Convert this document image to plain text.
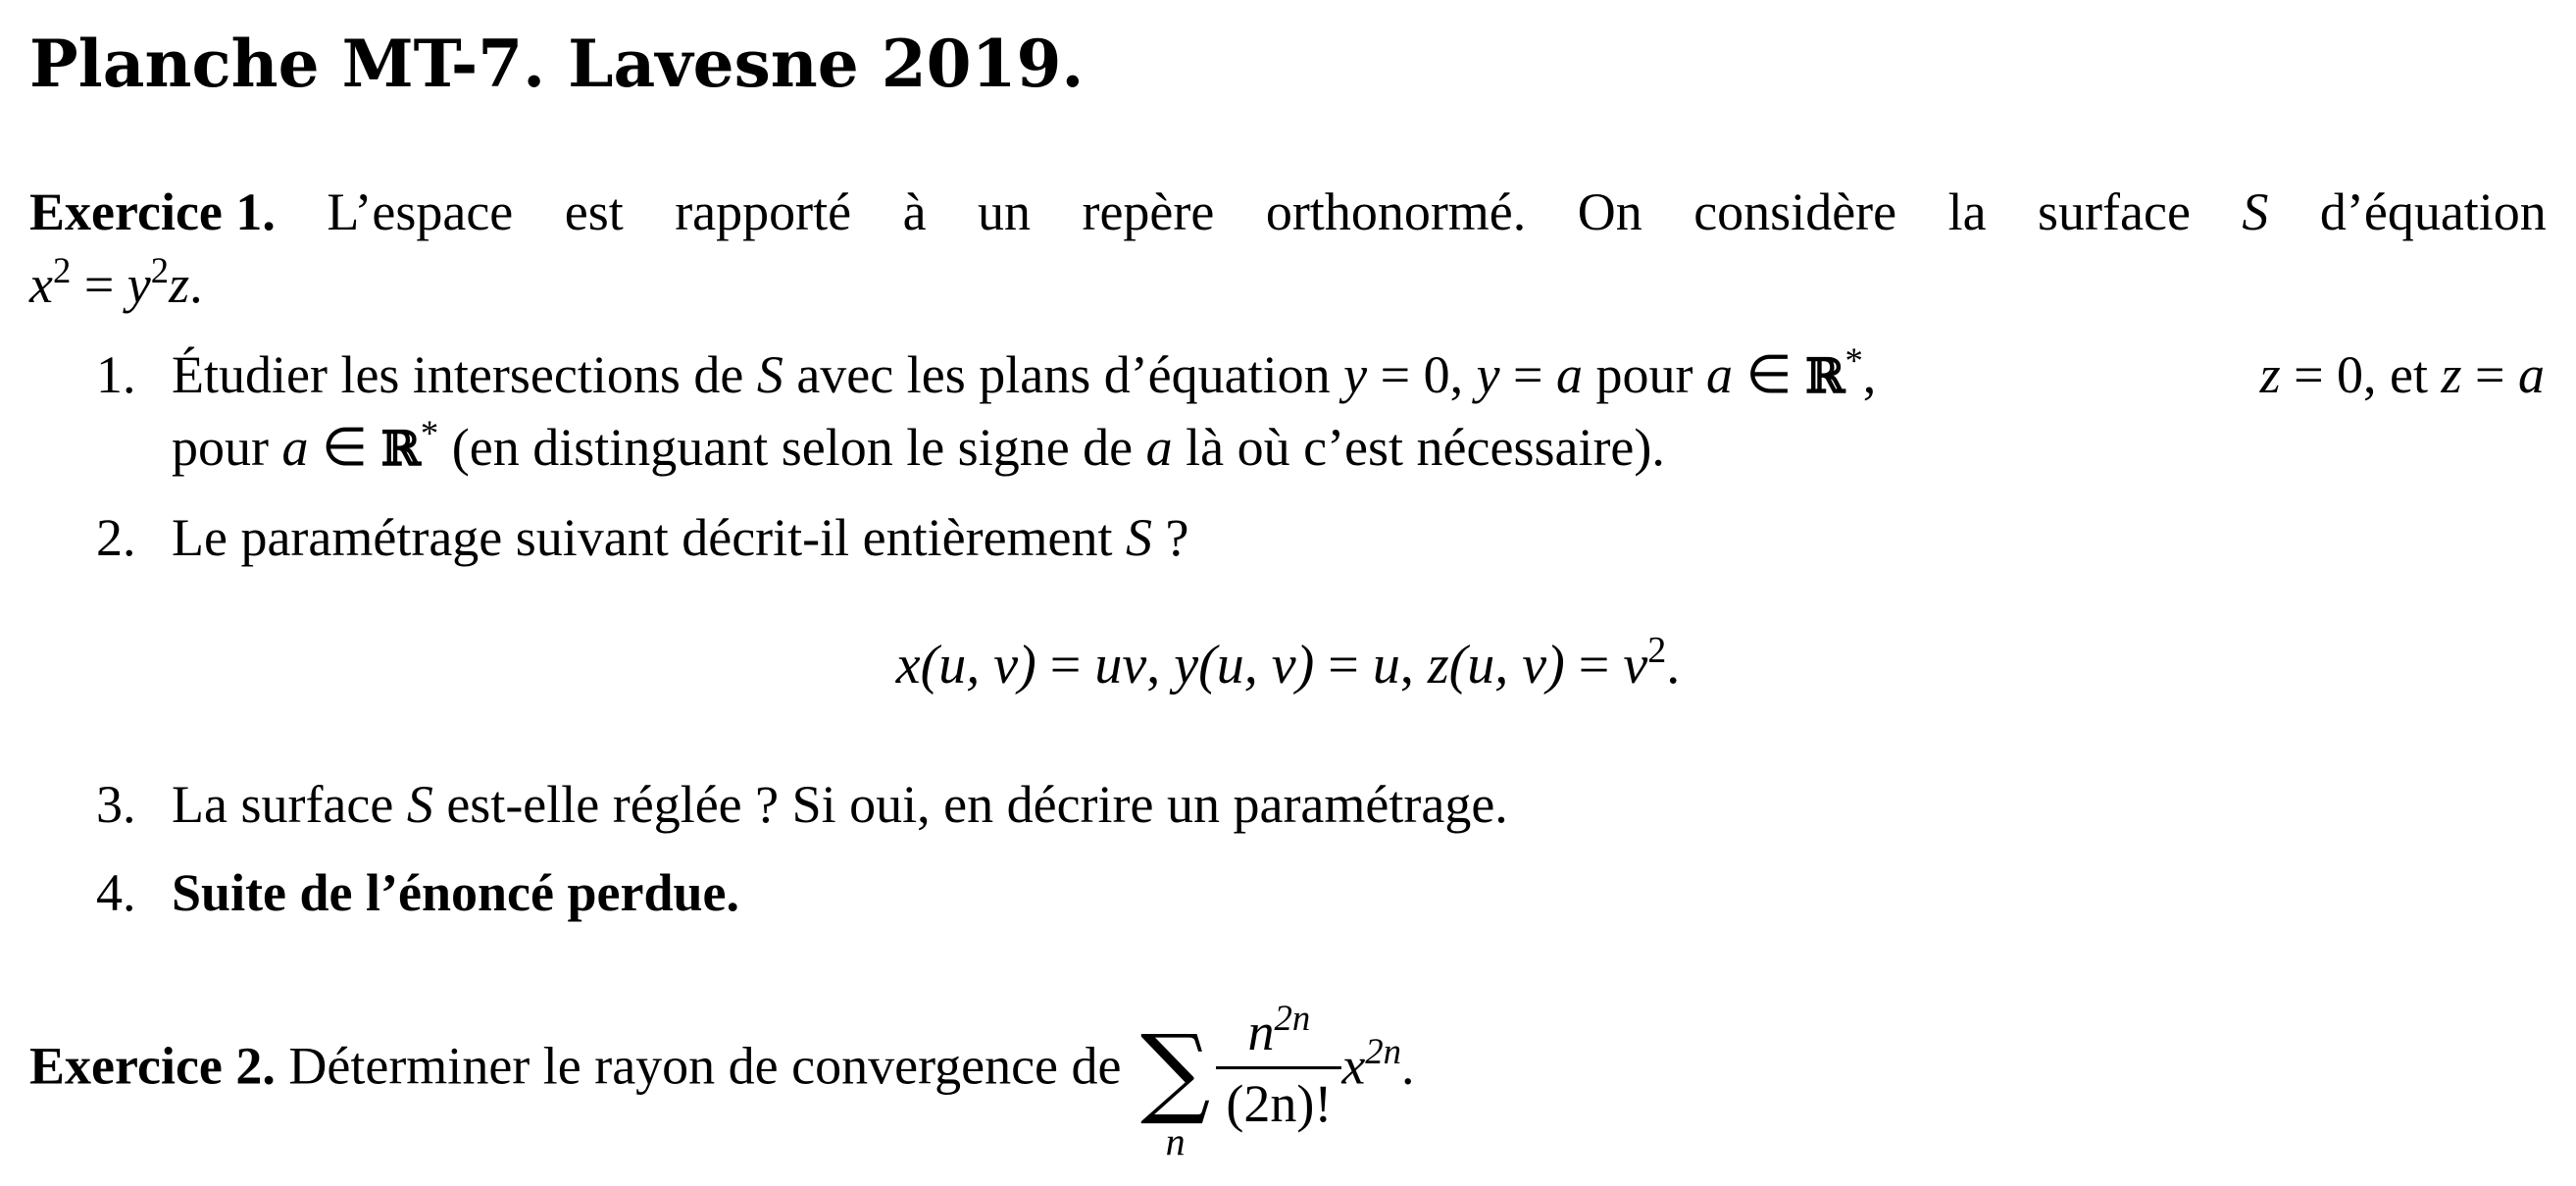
Planche MT-7. Lavesne 2019.
Exercice 1. L’espace est rapporté à un repère orthonormé. On considère la surface S d’équation
$x^2 = y^2z$.
1. Étudier les intersections de S avec les plans d’équation y = 0, y = a pour a ∈ ℝ*,	z = 0, et z = a
pour a ∈ ℝ* (en distinguant selon le signe de a là où c’est nécessaire).
2. Le paramétrage suivant décrit-il entièrement S ?
x(u, v) = uv, y(u, v) = u, z(u, $v) = v^2$.
3. La surface S est-elle réglée ? Si oui, en décrire un paramétrage.
4. Suite de l’énoncé perdue.
Exercice 2. Déterminer le rayon de convergence de ∑
n
$\frac{n^{2n}}{(2n)!} x^{2n}$.
